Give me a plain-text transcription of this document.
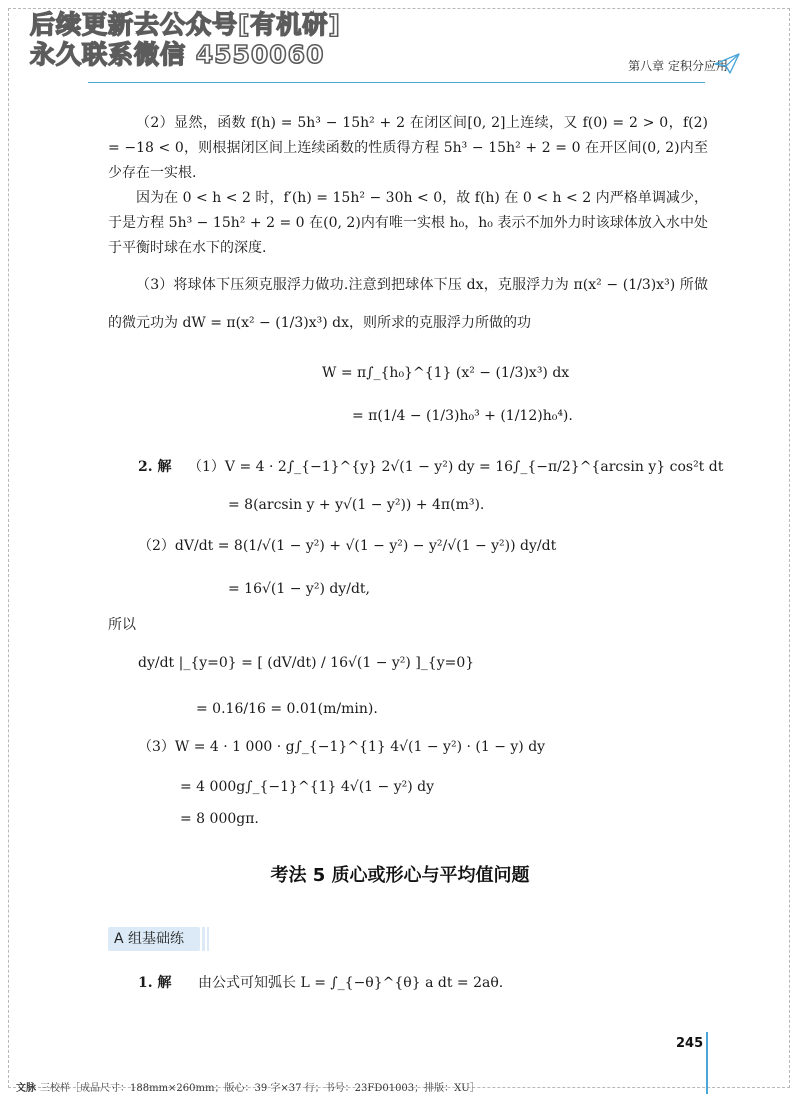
后续更新去公众号[有机研]
永久联系微信 4550060	第八章 定积分应用
（2）显然，函数 f(h) = 5h³ − 15h² + 2 在闭区间[0, 2]上连续，又 f(0) = 2 > 0，f(2) = −18 < 0，则根据闭区间上连续函数的性质得方程 5h³ − 15h² + 2 = 0 在开区间(0, 2)内至少存在一实根.
因为在 0 < h < 2 时，f′(h) = 15h² − 30h < 0，故 f(h) 在 0 < h < 2 内严格单调减少，于是方程 5h³ − 15h² + 2 = 0 在(0, 2)内有唯一实根 h₀，h₀ 表示不加外力时该球体放入水中处于平衡时球在水下的深度.
（3）将球体下压须克服浮力做功.注意到把球体下压 dx，克服浮力为 π(x² − (1/3)x³) 所做的微元功为 dW = π(x² − (1/3)x³) dx，则所求的克服浮力所做的功
W = π∫_{h₀}^{1} (x² − (1/3)x³) dx
= π(1/4 − (1/3)h₀³ + (1/12)h₀⁴).
2. 解 （1）V = 4 · 2∫_{−1}^{y} 2√(1 − y²) dy = 16∫_{−π/2}^{arcsin y} cos²t dt
= 8(arcsin y + y√(1 − y²)) + 4π(m³).
（2）dV/dt = 8(1/√(1 − y²) + √(1 − y²) − y²/√(1 − y²)) dy/dt
= 16√(1 − y²) dy/dt,
所以
dy/dt |_{y=0} = [ (dV/dt) / 16√(1 − y²) ]_{y=0}
= 0.16/16 = 0.01(m/min).
（3）W = 4 · 1 000 · g∫_{−1}^{1} 4√(1 − y²) · (1 − y) dy
= 4 000g∫_{−1}^{1} 4√(1 − y²) dy
= 8 000gπ.
考法 5 质心或形心与平均值问题
A 组基础练
1. 解 由公式可知弧长 L = ∫_{−θ}^{θ} a dt = 2aθ.
245
文脉 三校样［成品尺寸：188mm×260mm；版心：39 字×37 行；书号：23FD01003；排版：XU］
